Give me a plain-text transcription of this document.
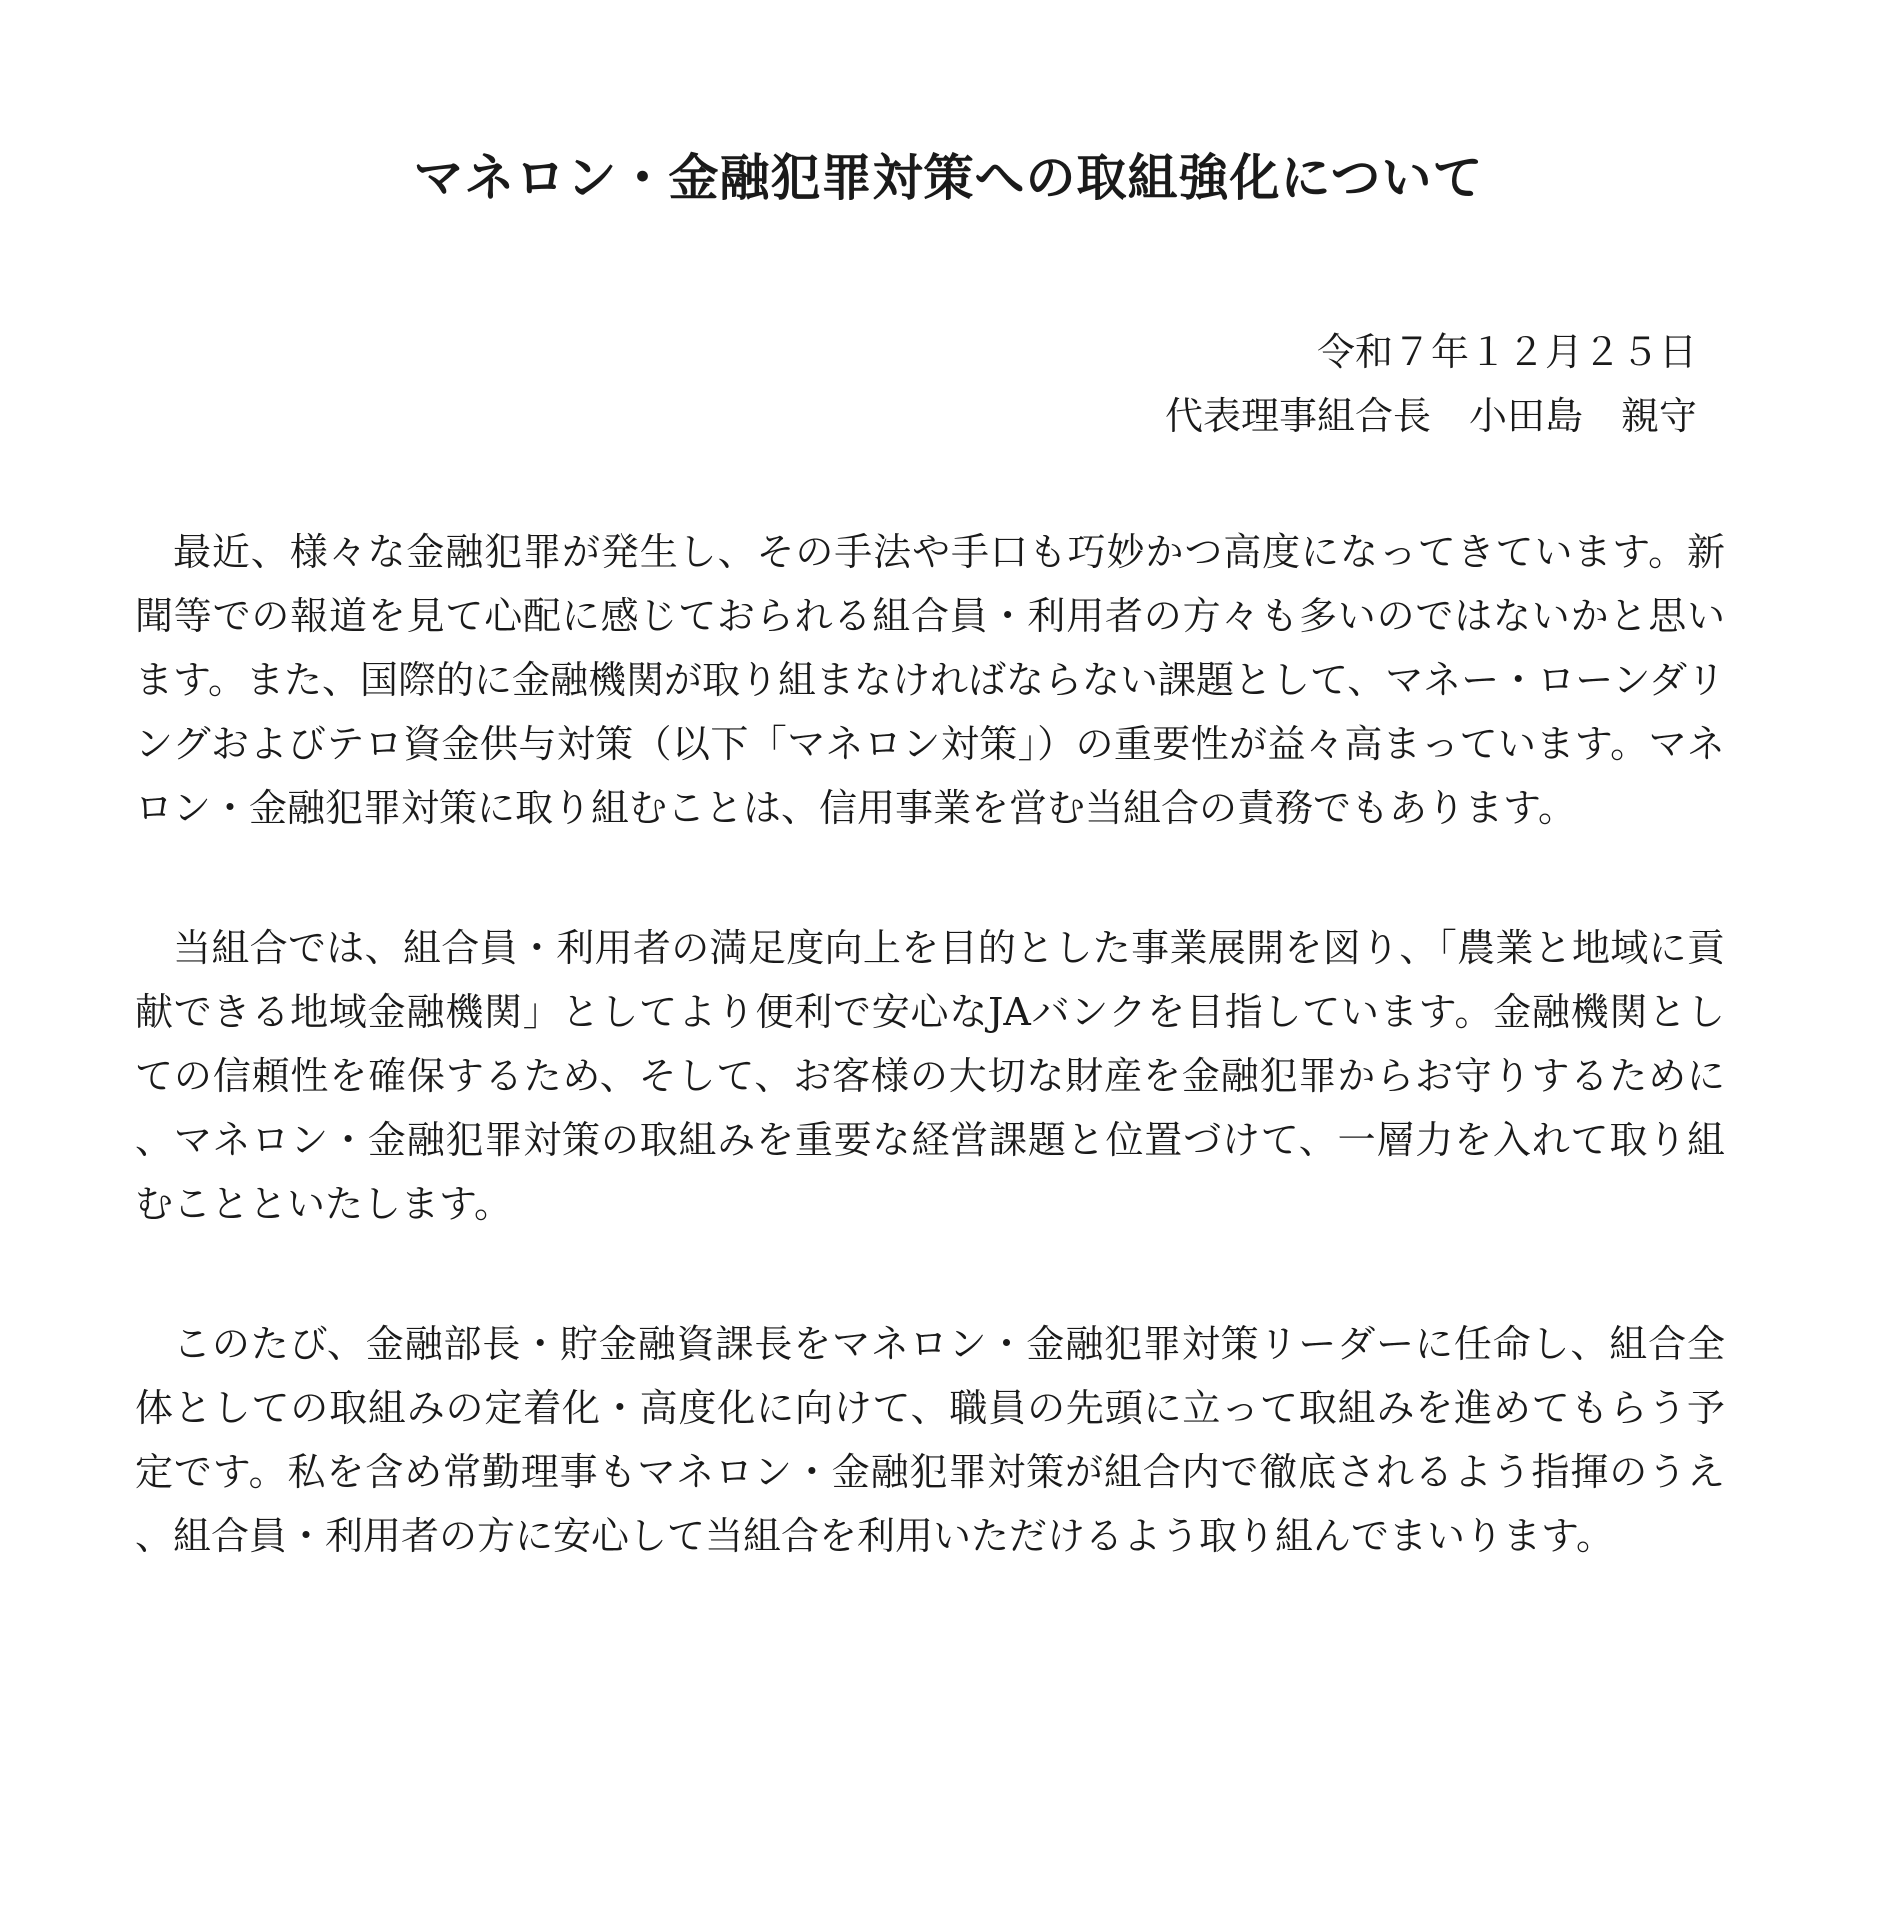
マネロン・金融犯罪対策への取組強化について
令和７年１２月２５日
代表理事組合長　小田島　親守

最近、様々な金融犯罪が発生し、その手法や手口も巧妙かつ高度になってきています。新聞等での報道を見て心配に感じておられる組合員・利用者の方々も多いのではないかと思います。また、国際的に金融機関が取り組まなければならない課題として、マネー・ローンダリングおよびテロ資金供与対策（以下「マネロン対策」）の重要性が益々高まっています。マネロン・金融犯罪対策に取り組むことは、信用事業を営む当組合の責務でもあります。

当組合では、組合員・利用者の満足度向上を目的とした事業展開を図り、「農業と地域に貢献できる地域金融機関」としてより便利で安心なJAバンクを目指しています。金融機関としての信頼性を確保するため、そして、お客様の大切な財産を金融犯罪からお守りするために、マネロン・金融犯罪対策の取組みを重要な経営課題と位置づけて、一層力を入れて取り組むことといたします。

このたび、金融部長・貯金融資課長をマネロン・金融犯罪対策リーダーに任命し、組合全体としての取組みの定着化・高度化に向けて、職員の先頭に立って取組みを進めてもらう予定です。私を含め常勤理事もマネロン・金融犯罪対策が組合内で徹底されるよう指揮のうえ、組合員・利用者の方に安心して当組合を利用いただけるよう取り組んでまいります。
